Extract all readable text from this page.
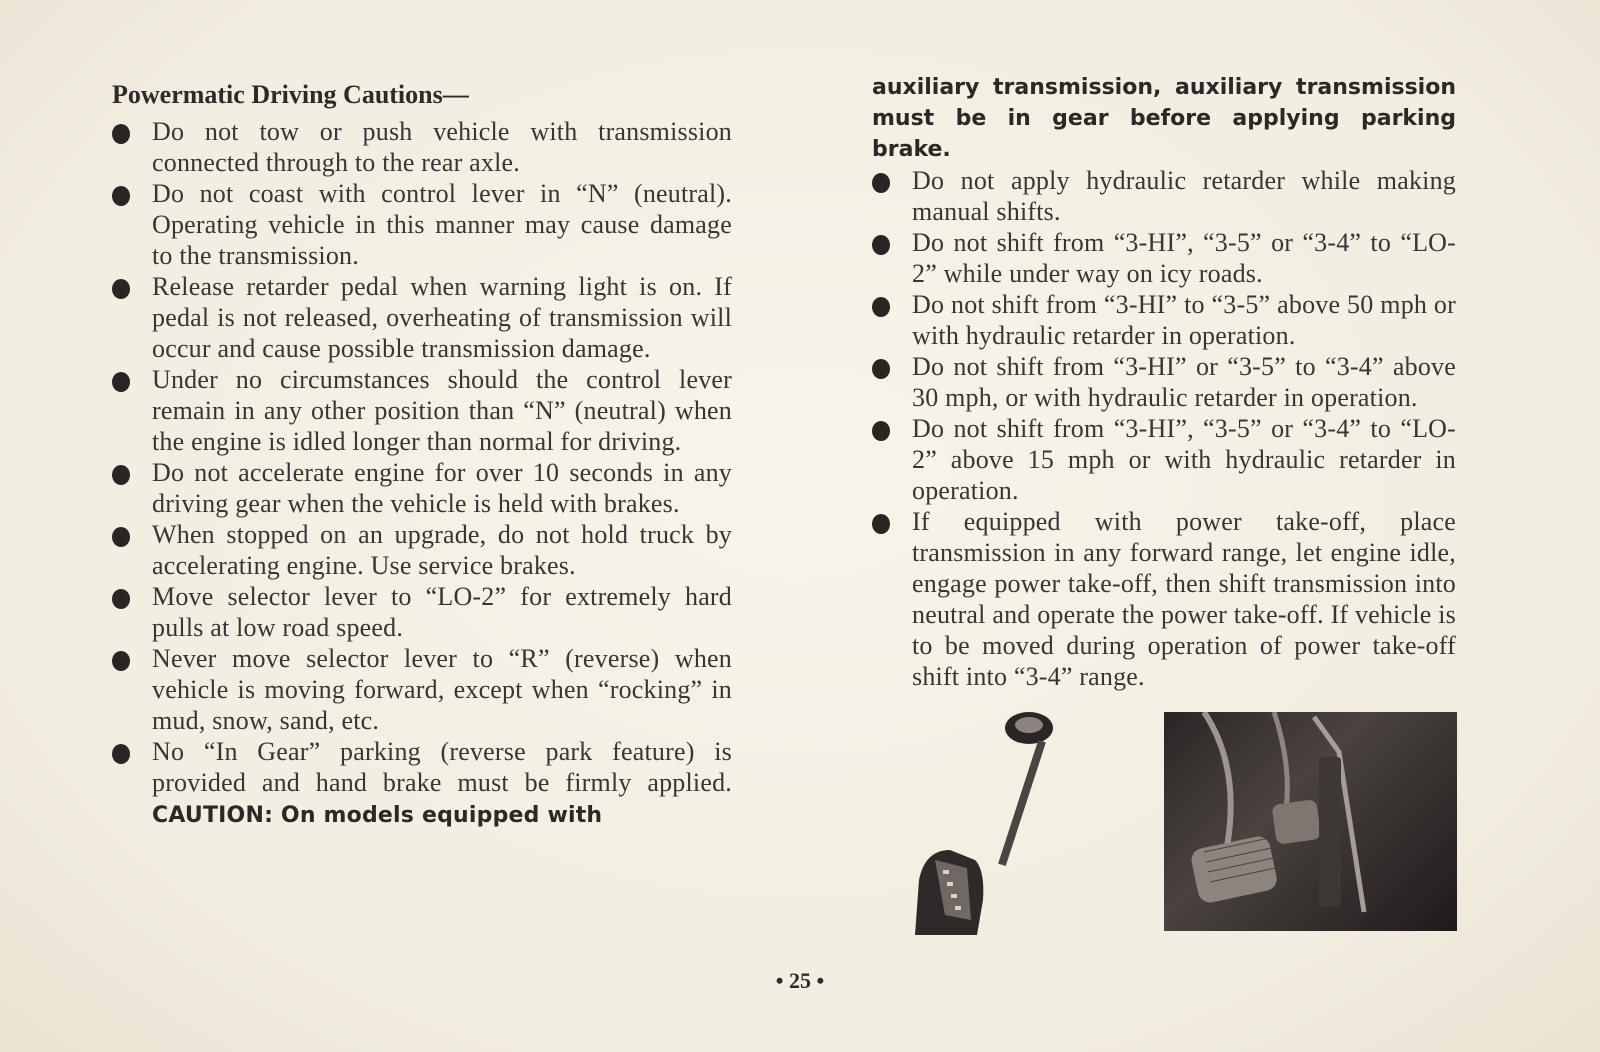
Powermatic Driving Cautions—
Do not tow or push vehicle with transmission connected through to the rear axle.
Do not coast with control lever in “N” (neutral). Operating vehicle in this manner may cause damage to the transmission.
Release retarder pedal when warning light is on. If pedal is not released, overheating of transmission will occur and cause possible transmission damage.
Under no circumstances should the control lever remain in any other position than “N” (neutral) when the engine is idled longer than normal for driving.
Do not accelerate engine for over 10 seconds in any driving gear when the vehicle is held with brakes.
When stopped on an upgrade, do not hold truck by accelerating engine. Use service brakes.
Move selector lever to “LO-2” for extremely hard pulls at low road speed.
Never move selector lever to “R” (reverse) when vehicle is moving forward, except when “rocking” in mud, snow, sand, etc.
No “In Gear” parking (reverse park feature) is provided and hand brake must be firmly applied. CAUTION: On models equipped with
auxiliary transmission, auxiliary transmission
must be in gear before applying parking brake.
Do not apply hydraulic retarder while making manual shifts.
Do not shift from “3-HI”, “3-5” or “3-4” to “LO-2” while under way on icy roads.
Do not shift from “3-HI” to “3-5” above 50 mph or with hydraulic retarder in operation.
Do not shift from “3-HI” or “3-5” to “3-4” above 30 mph, or with hydraulic retarder in operation.
Do not shift from “3-HI”, “3-5” or “3-4” to “LO-2” above 15 mph or with hydraulic retarder in operation.
If equipped with power take-off, place transmission in any forward range, let engine idle, engage power take-off, then shift transmission into neutral and operate the power take-off. If vehicle is to be moved during operation of power take-off shift into “3-4” range.
• 25 •
